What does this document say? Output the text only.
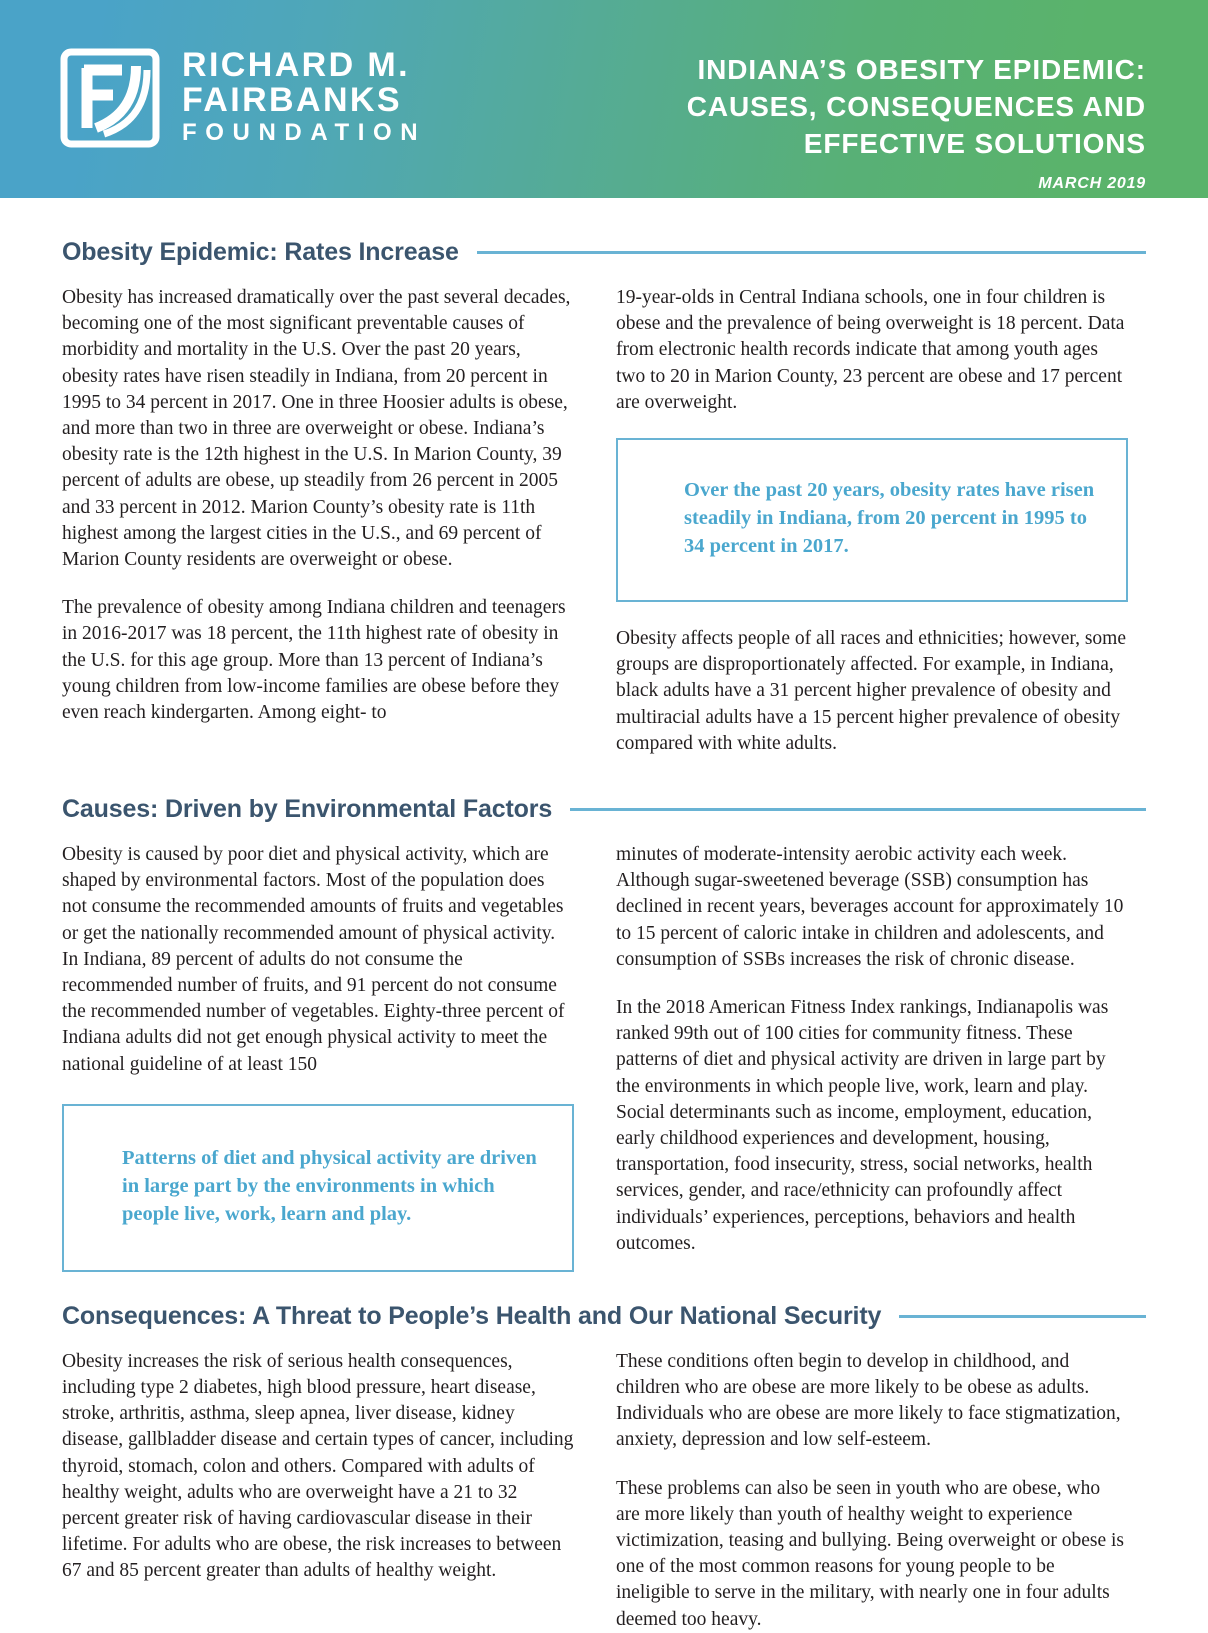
RICHARD M.
FAIRBANKS
FOUNDATION
INDIANA’S OBESITY EPIDEMIC:
CAUSES, CONSEQUENCES AND
EFFECTIVE SOLUTIONS
MARCH 2019
Obesity Epidemic: Rates Increase

Obesity has increased dramatically over the past several decades, becoming one of the most significant preventable causes of morbidity and mortality in the U.S. Over the past 20 years, obesity rates have risen steadily in Indiana, from 20 percent in 1995 to 34 percent in 2017. One in three Hoosier adults is obese, and more than two in three are overweight or obese. Indiana’s obesity rate is the 12th highest in the U.S. In Marion County, 39 percent of adults are obese, up steadily from 26 percent in 2005 and 33 percent in 2012. Marion County’s obesity rate is 11th highest among the largest cities in the U.S., and 69 percent of Marion County residents are overweight or obese.

The prevalence of obesity among Indiana children and teenagers in 2016-2017 was 18 percent, the 11th highest rate of obesity in the U.S. for this age group. More than 13 percent of Indiana’s young children from low-income families are obese before they even reach kindergarten. Among eight- to

19-year-olds in Central Indiana schools, one in four children is obese and the prevalence of being overweight is 18 percent. Data from electronic health records indicate that among youth ages two to 20 in Marion County, 23 percent are obese and 17 percent are overweight.

Over the past 20 years, obesity rates have risen steadily in Indiana, from 20 percent in 1995 to 34 percent in 2017.

Obesity affects people of all races and ethnicities; however, some groups are disproportionately affected. For example, in Indiana, black adults have a 31 percent higher prevalence of obesity and multiracial adults have a 15 percent higher prevalence of obesity compared with white adults.

Causes: Driven by Environmental Factors

Obesity is caused by poor diet and physical activity, which are shaped by environmental factors. Most of the population does not consume the recommended amounts of fruits and vegetables or get the nationally recommended amount of physical activity. In Indiana, 89 percent of adults do not consume the recommended number of fruits, and 91 percent do not consume the recommended number of vegetables. Eighty-three percent of Indiana adults did not get enough physical activity to meet the national guideline of at least 150

Patterns of diet and physical activity are driven in large part by the environments in which people live, work, learn and play.

minutes of moderate-intensity aerobic activity each week. Although sugar-sweetened beverage (SSB) consumption has declined in recent years, beverages account for approximately 10 to 15 percent of caloric intake in children and adolescents, and consumption of SSBs increases the risk of chronic disease.

In the 2018 American Fitness Index rankings, Indianapolis was ranked 99th out of 100 cities for community fitness. These patterns of diet and physical activity are driven in large part by the environments in which people live, work, learn and play. Social determinants such as income, employment, education, early childhood experiences and development, housing, transportation, food insecurity, stress, social networks, health services, gender, and race/ethnicity can profoundly affect individuals’ experiences, perceptions, behaviors and health outcomes.

Consequences: A Threat to People’s Health and Our National Security

Obesity increases the risk of serious health consequences, including type 2 diabetes, high blood pressure, heart disease, stroke, arthritis, asthma, sleep apnea, liver disease, kidney disease, gallbladder disease and certain types of cancer, including thyroid, stomach, colon and others. Compared with adults of healthy weight, adults who are overweight have a 21 to 32 percent greater risk of having cardiovascular disease in their lifetime. For adults who are obese, the risk increases to between 67 and 85 percent greater than adults of healthy weight.

These conditions often begin to develop in childhood, and children who are obese are more likely to be obese as adults. Individuals who are obese are more likely to face stigmatization, anxiety, depression and low self-esteem.

These problems can also be seen in youth who are obese, who are more likely than youth of healthy weight to experience victimization, teasing and bullying. Being overweight or obese is one of the most common reasons for young people to be ineligible to serve in the military, with nearly one in four adults deemed too heavy.
